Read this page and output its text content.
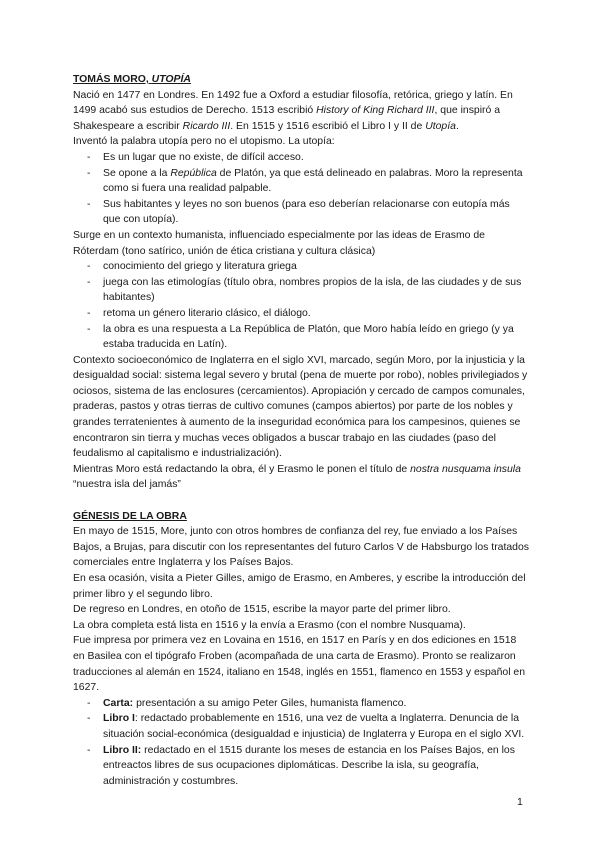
TOMÁS MORO, UTOPÍA

Nació en 1477 en Londres. En 1492 fue a Oxford a estudiar filosofía, retórica, griego y latín. En 1499 acabó sus estudios de Derecho. 1513 escribió History of King Richard III, que inspiró a Shakespeare a escribir Ricardo III. En 1515 y 1516 escribió el Libro I y II de Utopía.

Inventó la palabra utopía pero no el utopismo. La utopía:

- Es un lugar que no existe, de difícil acceso.
- Se opone a la República de Platón, ya que está delineado en palabras. Moro la representa como si fuera una realidad palpable.
- Sus habitantes y leyes no son buenos (para eso deberían relacionarse con eutopía más que con utopía).

Surge en un contexto humanista, influenciado especialmente por las ideas de Erasmo de Róterdam (tono satírico, unión de ética cristiana y cultura clásica)

- conocimiento del griego y literatura griega
- juega con las etimologías (título obra, nombres propios de la isla, de las ciudades y de sus habitantes)
- retoma un género literario clásico, el diálogo.
- la obra es una respuesta a La República de Platón, que Moro había leído en griego (y ya estaba traducida en Latín).

Contexto socioeconómico de Inglaterra en el siglo XVI, marcado, según Moro, por la injusticia y la desigualdad social: sistema legal severo y brutal (pena de muerte por robo), nobles privilegiados y ociosos, sistema de las enclosures (cercamientos). Apropiación y cercado de campos comunales, praderas, pastos y otras tierras de cultivo comunes (campos abiertos) por parte de los nobles y grandes terratenientes à aumento de la inseguridad económica para los campesinos, quienes se encontraron sin tierra y muchas veces obligados a buscar trabajo en las ciudades (paso del feudalismo al capitalismo e industrialización).

Mientras Moro está redactando la obra, él y Erasmo le ponen el título de nostra nusquama insula “nuestra isla del jamás”

GÉNESIS DE LA OBRA

En mayo de 1515, More, junto con otros hombres de confianza del rey, fue enviado a los Países Bajos, a Brujas, para discutir con los representantes del futuro Carlos V de Habsburgo los tratados comerciales entre Inglaterra y los Países Bajos.

En esa ocasión, visita a Pieter Gilles, amigo de Erasmo, en Amberes, y escribe la introducción del primer libro y el segundo libro.

De regreso en Londres, en otoño de 1515, escribe la mayor parte del primer libro.

La obra completa está lista en 1516 y la envía a Erasmo (con el nombre Nusquama).

Fue impresa por primera vez en Lovaina en 1516, en 1517 en París y en dos ediciones en 1518 en Basilea con el tipógrafo Froben (acompañada de una carta de Erasmo). Pronto se realizaron traducciones al alemán en 1524, italiano en 1548, inglés en 1551, flamenco en 1553 y español en 1627.

- Carta: presentación a su amigo Peter Giles, humanista flamenco.
- Libro I: redactado probablemente en 1516, una vez de vuelta a Inglaterra. Denuncia de la situación social-económica (desigualdad e injusticia) de Inglaterra y Europa en el siglo XVI.
- Libro II: redactado en el 1515 durante los meses de estancia en los Países Bajos, en los entreactos libres de sus ocupaciones diplomáticas. Describe la isla, su geografía, administración y costumbres.
1
